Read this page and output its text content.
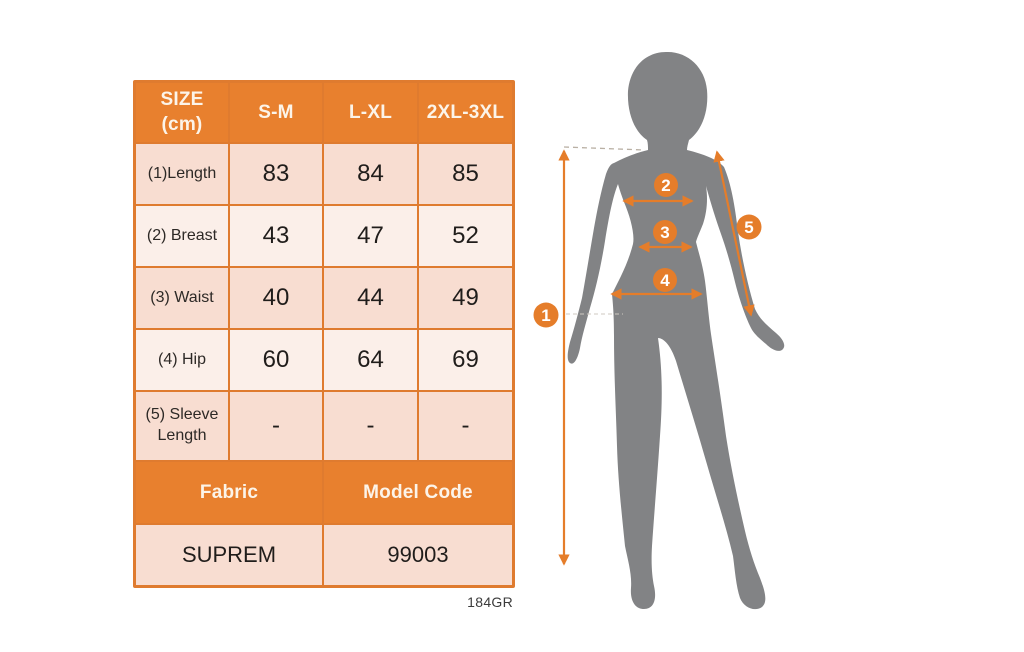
SIZE
(cm)
S-M	L-XL	2XL-3XL
(1)Length	83	84	85
(2) Breast	43	47	52
(3) Waist	40	44	49
(4) Hip	60	64	69
(5) Sleeve Length	-	-	-
Fabric	Model Code
SUPREM	99003
184GR
1
2
3
4
5
